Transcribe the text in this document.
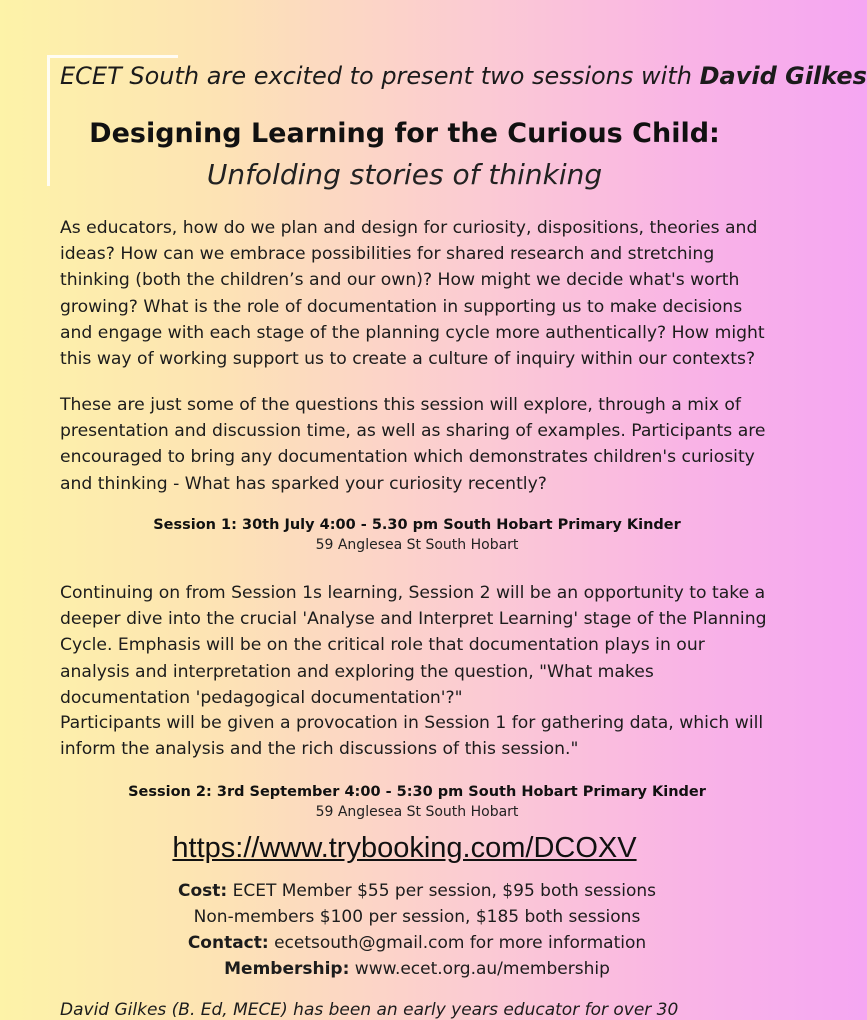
ECET South are excited to present two sessions with David Gilkes
Designing Learning for the Curious Child:
Unfolding stories of thinking

As educators, how do we plan and design for curiosity, dispositions, theories and ideas? How can we embrace possibilities for shared research and stretching thinking (both the children’s and our own)? How might we decide what's worth growing? What is the role of documentation in supporting us to make decisions and engage with each stage of the planning cycle more authentically? How might this way of working support us to create a culture of inquiry within our contexts?

These are just some of the questions this session will explore, through a mix of presentation and discussion time, as well as sharing of examples. Participants are encouraged to bring any documentation which demonstrates children's curiosity and thinking - What has sparked your curiosity recently?

Session 1: 30th July 4:00 - 5.30 pm South Hobart Primary Kinder
59 Anglesea St South Hobart

Continuing on from Session 1s learning, Session 2 will be an opportunity to take a deeper dive into the crucial 'Analyse and Interpret Learning' stage of the Planning Cycle. Emphasis will be on the critical role that documentation plays in our analysis and interpretation and exploring the question, "What makes documentation 'pedagogical documentation'?"

Participants will be given a provocation in Session 1 for gathering data, which will inform the analysis and the rich discussions of this session."

Session 2: 3rd September 4:00 - 5:30 pm South Hobart Primary Kinder
59 Anglesea St South Hobart
https://www.trybooking.com/DCOXV
Cost: ECET Member $55 per session, $95 both sessions
Non-members $100 per session, $185 both sessions
Contact: ecetsouth@gmail.com for more information
Membership: www.ecet.org.au/membership
David Gilkes (B. Ed, MECE) has been an early years educator for over 30
